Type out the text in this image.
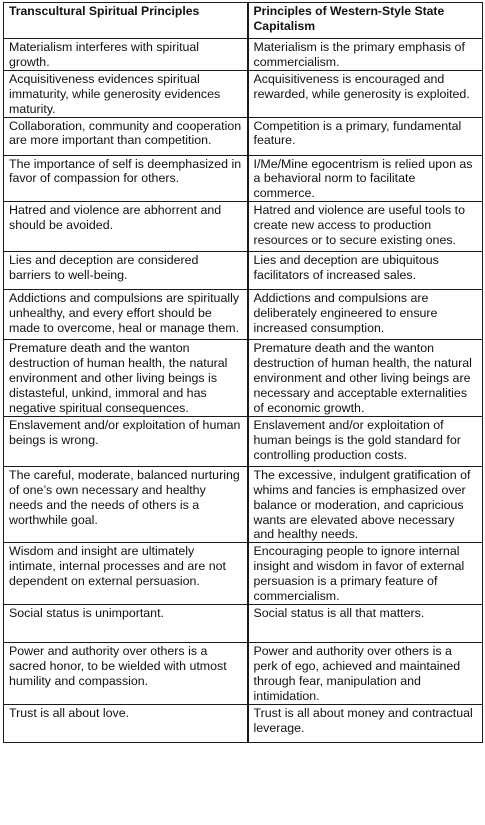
Transcultural Spiritual Principles	Principles of Western-Style State Capitalism
Materialism interferes with spiritual growth.	Materialism is the primary emphasis of commercialism.
Acquisitiveness evidences spiritual immaturity, while generosity evidences maturity.	Acquisitiveness is encouraged and rewarded, while generosity is exploited.
Collaboration, community and cooperation are more important than competition.	Competition is a primary, fundamental feature.
The importance of self is deemphasized in favor of compassion for others.	I/Me/Mine egocentrism is relied upon as a behavioral norm to facilitate commerce.
Hatred and violence are abhorrent and should be avoided.	Hatred and violence are useful tools to create new access to production resources or to secure existing ones.
Lies and deception are considered barriers to well-being.	Lies and deception are ubiquitous facilitators of increased sales.
Addictions and compulsions are spiritually unhealthy, and every effort should be made to overcome, heal or manage them.	Addictions and compulsions are deliberately engineered to ensure increased consumption.
Premature death and the wanton destruction of human health, the natural environment and other living beings is distasteful, unkind, immoral and has negative spiritual consequences.	Premature death and the wanton destruction of human health, the natural environment and other living beings are necessary and acceptable externalities of economic growth.
Enslavement and/or exploitation of human beings is wrong.	Enslavement and/or exploitation of human beings is the gold standard for controlling production costs.
The careful, moderate, balanced nurturing of one’s own necessary and healthy needs and the needs of others is a worthwhile goal.	The excessive, indulgent gratification of whims and fancies is emphasized over balance or moderation, and capricious wants are elevated above necessary and healthy needs.
Wisdom and insight are ultimately intimate, internal processes and are not dependent on external persuasion.	Encouraging people to ignore internal insight and wisdom in favor of external persuasion is a primary feature of commercialism.
Social status is unimportant.	Social status is all that matters.
Power and authority over others is a sacred honor, to be wielded with utmost humility and compassion.	Power and authority over others is a perk of ego, achieved and maintained through fear, manipulation and intimidation.
Trust is all about love.	Trust is all about money and contractual leverage.
